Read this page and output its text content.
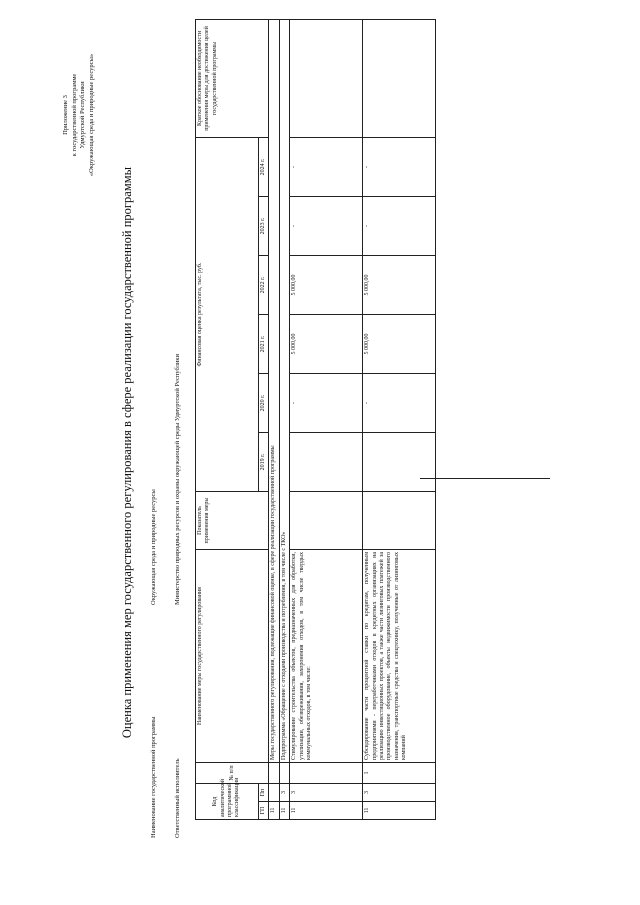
Приложение 3 к государственной программе Удмуртской Республики «Окружающая среда и природные ресурсы»
Оценка применения мер государственного регулирования в сфере реализации государственной программы
Наименование государственной программы
Окружающая среда и природные ресурсы
Ответственный исполнитель
Министерство природных ресурсов и охраны окружающей среды Удмуртской Республики
Код аналитической программной классификации		№ п/п	Наименование меры государственного регулирования	Показатель применения меры	Финансовая оценка результата, тыс. руб.						Краткое обоснование необходимости применения меры для достижения целей государственной программы
ГП	Пп				2019 г.	2020 г.	2021 г.	2022 г.	2023 г.	2024 г.	
11			Меры государственного регулирования, подлежащие финансовой оценке, в сфере реализации государственной программы								
11	3		Подпрограмма «Обращение с отходами производства и потребления, в том числе с ТКО»								
11	3		Стимулирование строительства объектов, предназначенных для обработки, утилизации, обезвреживания, захоронения отходов, в том числе твердых коммунальных отходов, в том числе:			-	5 000,00	5 000,00	-	-	
11	3	1	Субсидирование части процентной ставки по кредитам, полученным предприятиями - переработчиками отходов в кредитных организациях на реализацию инвестиционных проектов, а также части лизинговых платежей за производственное оборудование, объекты недвижимости производственного назначения, транспортные средства и спецтехнику, полученные от лизинговых компаний			-	5 000,00	5 000,00	-	-	
